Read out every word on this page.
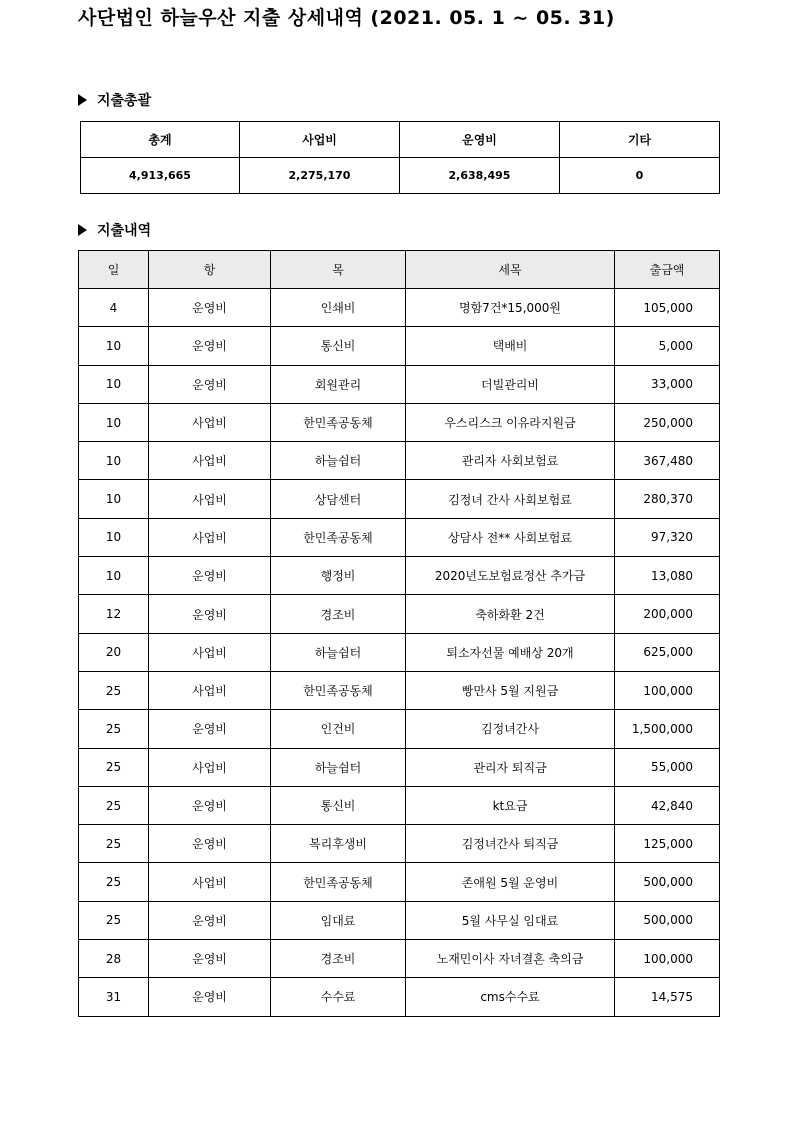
사단법인 하늘우산 지출 상세내역 (2021. 05. 1 ~ 05. 31)
지출총괄
총계	사업비	운영비	기타
4,913,665	2,275,170	2,638,495	0
지출내역
일	항	목	세목	출금액
4	운영비	인쇄비	명함7건*15,000원	105,000
10	운영비	통신비	택배비	5,000
10	운영비	회원관리	더빌관리비	33,000
10	사업비	한민족공동체	우스리스크 이유라지원금	250,000
10	사업비	하늘쉼터	관리자 사회보험료	367,480
10	사업비	상담센터	김정녀 간사 사회보험료	280,370
10	사업비	한민족공동체	상담사 전** 사회보험료	97,320
10	운영비	행정비	2020년도보험료정산 추가금	13,080
12	운영비	경조비	축하화환 2건	200,000
20	사업비	하늘쉼터	퇴소자선물 예배상 20개	625,000
25	사업비	한민족공동체	빵만사 5월 지원금	100,000
25	운영비	인건비	김정녀간사	1,500,000
25	사업비	하늘쉼터	관리자 퇴직금	55,000
25	운영비	통신비	kt요금	42,840
25	운영비	복리후생비	김정녀간사 퇴직금	125,000
25	사업비	한민족공동체	존애원 5월 운영비	500,000
25	운영비	임대료	5월 사무실 임대료	500,000
28	운영비	경조비	노재민이사 자녀결혼 축의금	100,000
31	운영비	수수료	cms수수료	14,575
